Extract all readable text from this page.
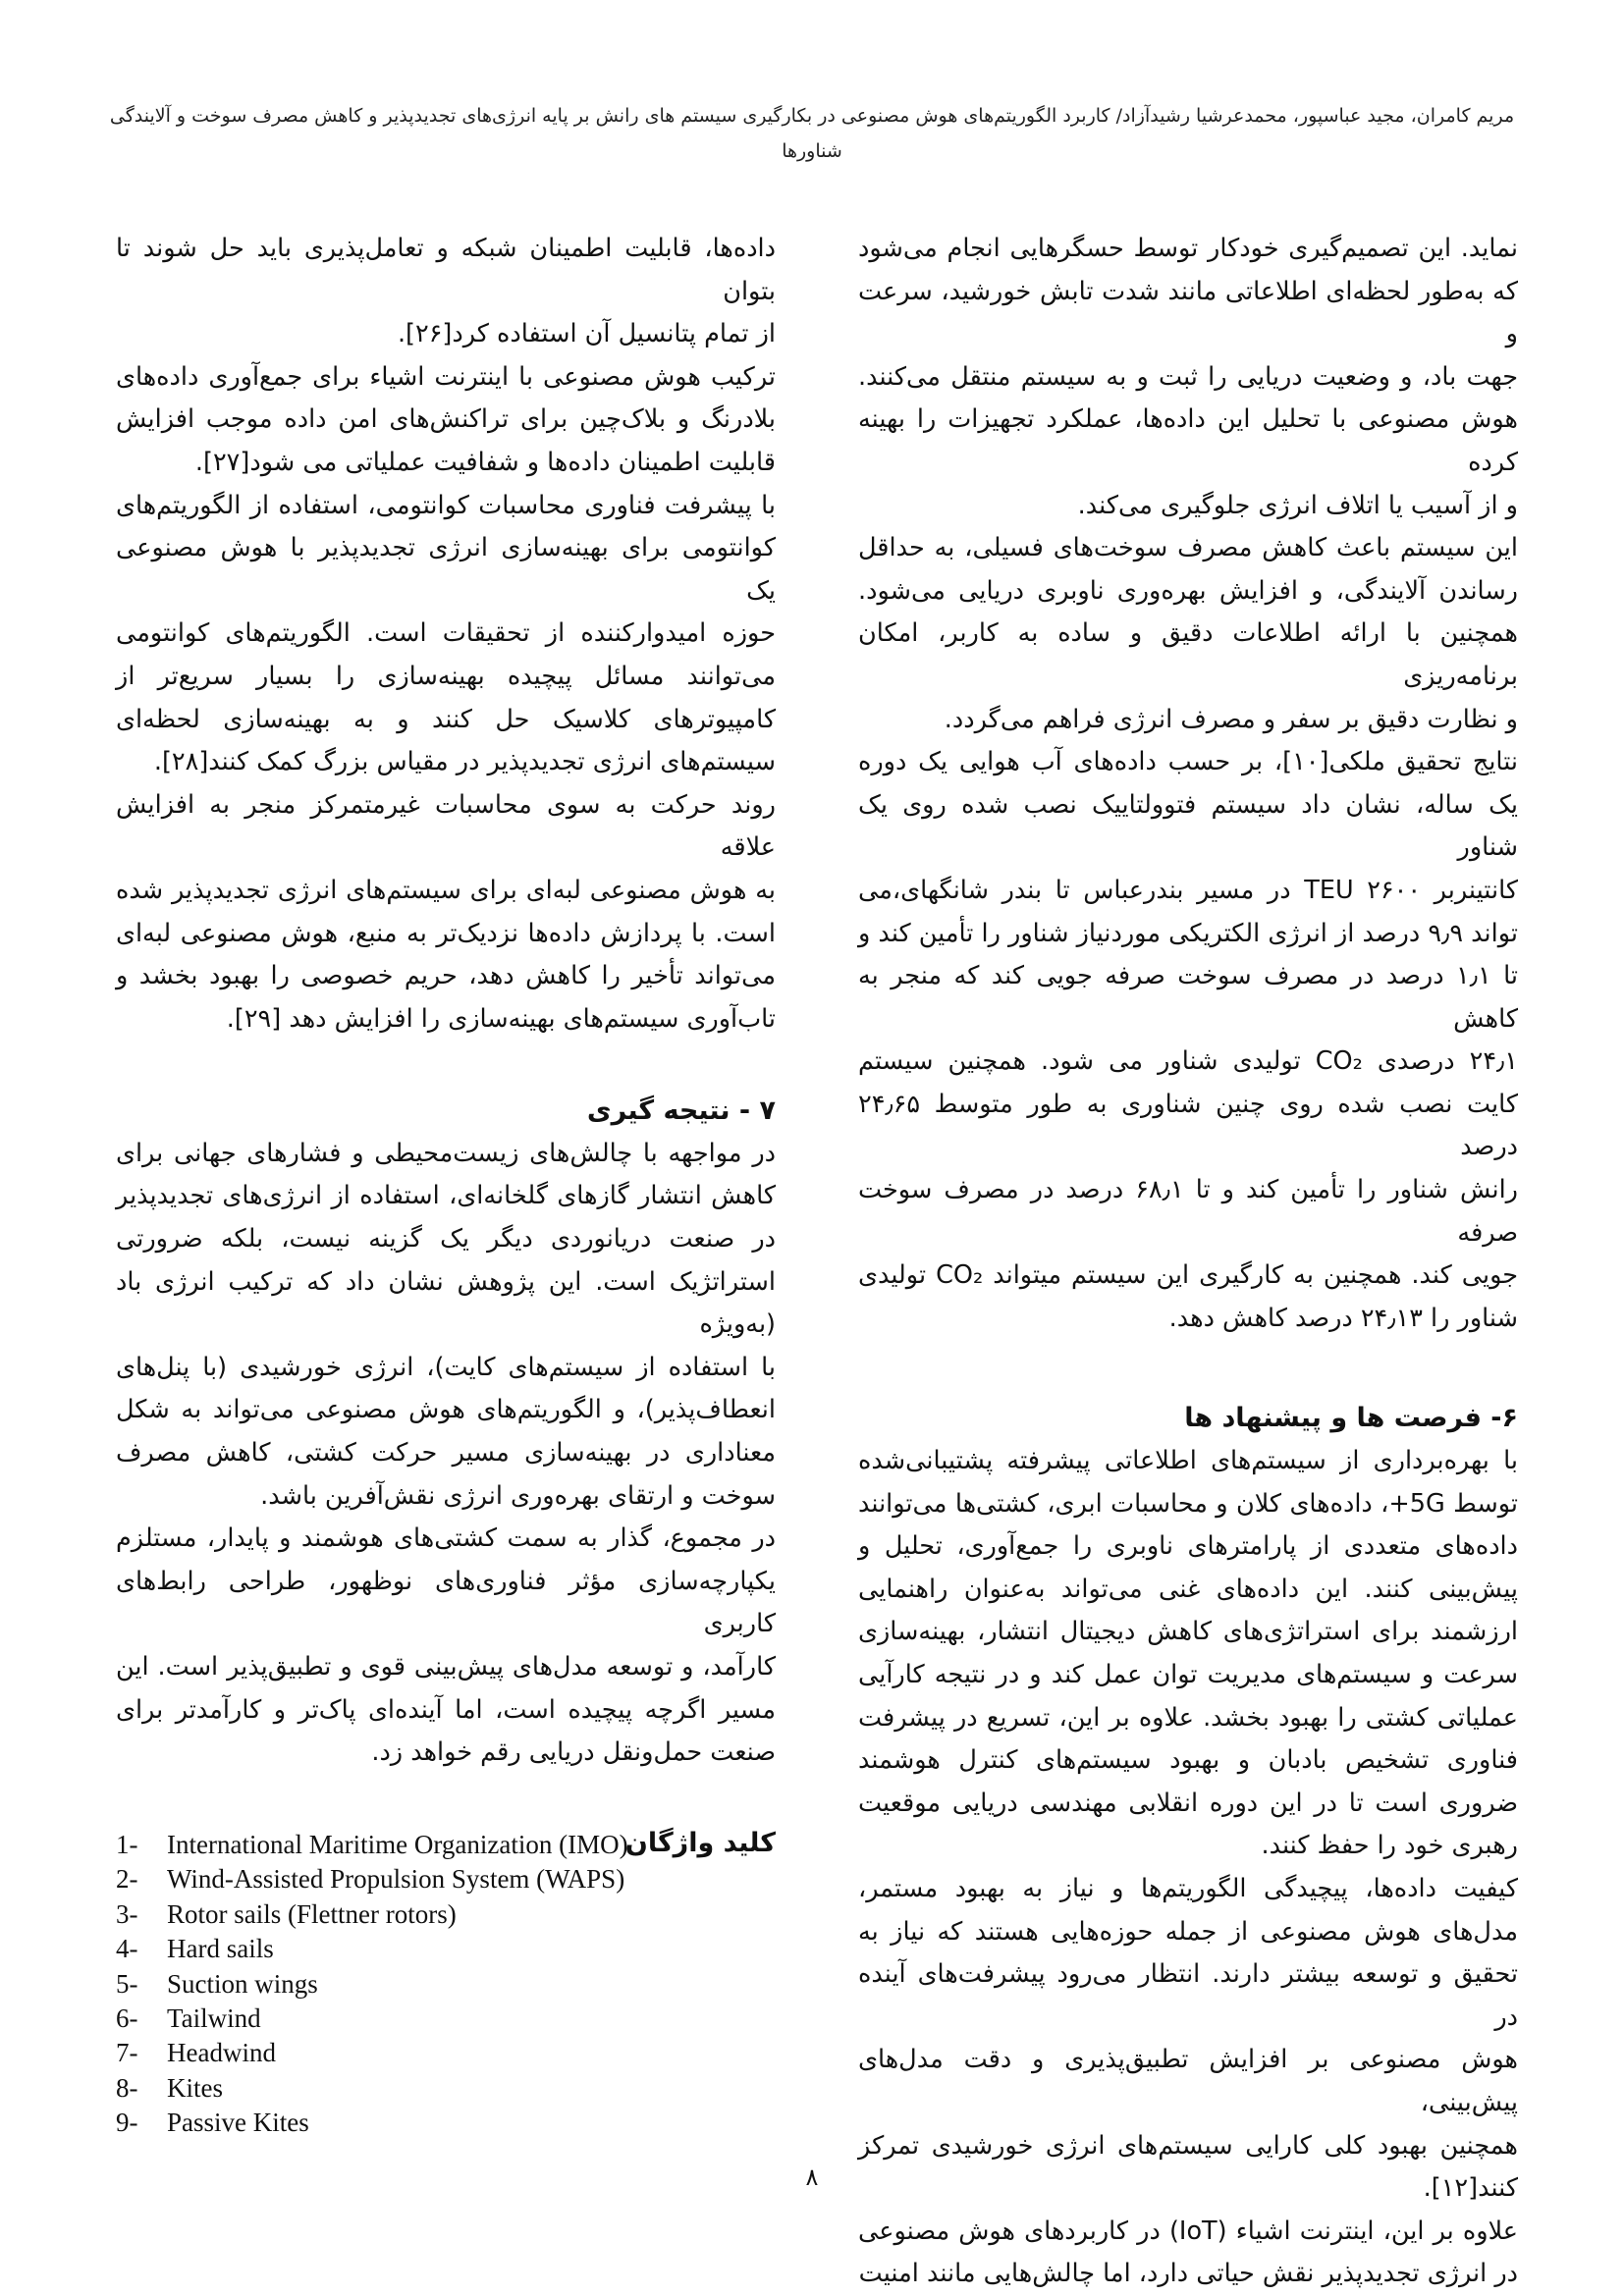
مریم کامران، مجید عباسپور، محمدعرشیا رشیدآزاد/ کاربرد الگوریتم‌های هوش مصنوعی در بکارگیری سیستم های رانش بر پایه انرژی‌های تجدیدپذیر و کاهش مصرف سوخت و آلایندگی
شناورها

نماید. این تصمیم‌گیری خودکار توسط حسگرهایی انجام می‌شود
که به‌طور لحظه‌ای اطلاعاتی مانند شدت تابش خورشید، سرعت و
جهت باد، و وضعیت دریایی را ثبت و به سیستم منتقل می‌کنند.
هوش مصنوعی با تحلیل این داده‌ها، عملکرد تجهیزات را بهینه کرده
و از آسیب یا اتلاف انرژی جلوگیری می‌کند.

این سیستم باعث کاهش مصرف سوخت‌های فسیلی، به حداقل
رساندن آلایندگی، و افزایش بهره‌وری ناوبری دریایی می‌شود.
همچنین با ارائه اطلاعات دقیق و ساده به کاربر، امکان برنامه‌ریزی
و نظارت دقیق بر سفر و مصرف انرژی فراهم می‌گردد.

نتایج تحقیق ملکی[۱۰]، بر حسب داده‌های آب هوایی یک دوره
یک ساله، نشان داد سیستم فتوولتاییک نصب شده روی یک شناور
کانتینربر ۲۶۰۰ TEU در مسیر بندرعباس تا بندر شانگهای،می
تواند ۹٫۹ درصد از انرژی الکتریکی موردنیاز شناور را تأمین کند و
تا ۱٫۱ درصد در مصرف سوخت صرفه جویی کند که منجر به کاهش
۲۴٫۱ درصدی CO₂ تولیدی شناور می شود. همچنین سیستم
کایت نصب شده روی چنین شناوری به طور متوسط ۲۴٫۶۵ درصد
رانش شناور را تأمین کند و تا ۶۸٫۱ درصد در مصرف سوخت صرفه
جویی کند. همچنین به کارگیری این سیستم میتواند CO₂ تولیدی
شناور را ۲۴٫۱۳ درصد کاهش دهد.

۶- فرصت ها و پیشنهاد ها

با بهره‌برداری از سیستم‌های اطلاعاتی پیشرفته پشتیبانی‌شده
توسط 5G+، داده‌های کلان و محاسبات ابری، کشتی‌ها می‌توانند
داده‌های متعددی از پارامترهای ناوبری را جمع‌آوری، تحلیل و
پیش‌بینی کنند. این داده‌های غنی می‌تواند به‌عنوان راهنمایی
ارزشمند برای استراتژی‌های کاهش دیجیتال انتشار، بهینه‌سازی
سرعت و سیستم‌های مدیریت توان عمل کند و در نتیجه کارآیی
عملیاتی کشتی را بهبود بخشد. علاوه بر این، تسریع در پیشرفت
فناوری تشخیص بادبان و بهبود سیستم‌های کنترل هوشمند
ضروری است تا در این دوره انقلابی مهندسی دریایی موقعیت
رهبری خود را حفظ کنند.

کیفیت داده‌ها، پیچیدگی الگوریتم‌ها و نیاز به بهبود مستمر،
مدل‌های هوش مصنوعی از جمله حوزه‌هایی هستند که نیاز به
تحقیق و توسعه بیشتر دارند. انتظار می‌رود پیشرفت‌های آینده در
هوش مصنوعی بر افزایش تطبیق‌پذیری و دقت مدل‌های پیش‌بینی،
همچنین بهبود کلی کارایی سیستم‌های انرژی خورشیدی تمرکز
کنند[۱۲].

علاوه بر این، اینترنت اشیاء (IoT) در کاربردهای هوش مصنوعی
در انرژی تجدیدپذیر نقش حیاتی دارد، اما چالش‌هایی مانند امنیت

داده‌ها، قابلیت اطمینان شبکه و تعامل‌پذیری باید حل شوند تا بتوان
از تمام پتانسیل آن استفاده کرد[۲۶].

ترکیب هوش مصنوعی با اینترنت اشیاء برای جمع‌آوری داده‌های
بلادرنگ و بلاک‌چین برای تراکنش‌های امن داده موجب افزایش
قابلیت اطمینان داده‌ها و شفافیت عملیاتی می شود[۲۷].

با پیشرفت فناوری محاسبات کوانتومی، استفاده از الگوریتم‌های
کوانتومی برای بهینه‌سازی انرژی تجدیدپذیر با هوش مصنوعی یک
حوزه امیدوارکننده از تحقیقات است. الگوریتم‌های کوانتومی
می‌توانند مسائل پیچیده بهینه‌سازی را بسیار سریع‌تر از
کامپیوترهای کلاسیک حل کنند و به بهینه‌سازی لحظه‌ای
سیستم‌های انرژی تجدیدپذیر در مقیاس بزرگ کمک کنند[۲۸].

روند حرکت به سوی محاسبات غیرمتمرکز منجر به افزایش علاقه
به هوش مصنوعی لبه‌ای برای سیستم‌های انرژی تجدیدپذیر شده
است. با پردازش داده‌ها نزدیک‌تر به منبع، هوش مصنوعی لبه‌ای
می‌تواند تأخیر را کاهش دهد، حریم خصوصی را بهبود بخشد و
تاب‌آوری سیستم‌های بهینه‌سازی را افزایش دهد [۲۹].

۷ - نتیجه گیری

در مواجهه با چالش‌های زیست‌محیطی و فشارهای جهانی برای
کاهش انتشار گازهای گلخانه‌ای، استفاده از انرژی‌های تجدیدپذیر
در صنعت دریانوردی دیگر یک گزینه نیست، بلکه ضرورتی
استراتژیک است. این پژوهش نشان داد که ترکیب انرژی باد (به‌ویژه
با استفاده از سیستم‌های کایت)، انرژی خورشیدی (با پنل‌های
انعطاف‌پذیر)، و الگوریتم‌های هوش مصنوعی می‌تواند به شکل
معناداری در بهینه‌سازی مسیر حرکت کشتی، کاهش مصرف
سوخت و ارتقای بهره‌وری انرژی نقش‌آفرین باشد.

در مجموع، گذار به سمت کشتی‌های هوشمند و پایدار، مستلزم
یکپارچه‌سازی مؤثر فناوری‌های نوظهور، طراحی رابط‌های کاربری
کارآمد، و توسعه مدل‌های پیش‌بینی قوی و تطبیق‌پذیر است. این
مسیر اگرچه پیچیده است، اما آینده‌ای پاک‌تر و کارآمدتر برای
صنعت حمل‌ونقل دریایی رقم خواهد زد.

کلید واژگان
1-	International Maritime Organization (IMO)
2-	Wind-Assisted Propulsion System (WAPS)
3-	Rotor sails (Flettner rotors)
4-	Hard sails
5-	Suction wings
6-	Tailwind
7-	Headwind
8-	Kites
9-	Passive Kites
۸
